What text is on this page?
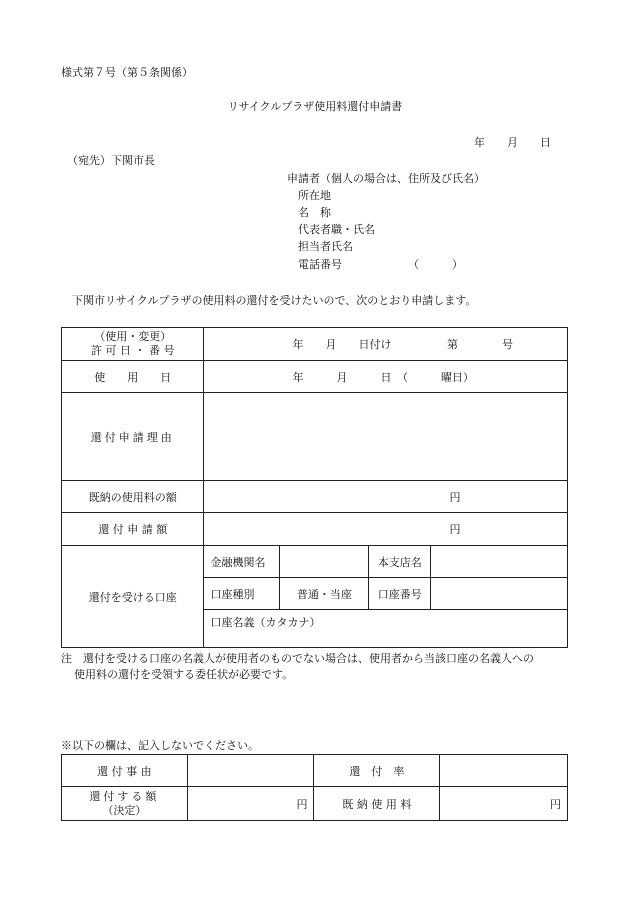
様式第７号（第５条関係）
リサイクルプラザ使用料還付申請書
年　　月　　日
（宛先）下関市長
申請者（個人の場合は、住所及び氏名）
所在地
名　称
代表者職・氏名
担当者氏名
電話番号	（　　　）
下関市リサイクルプラザの使用料の還付を受けたいので、次のとおり申請します。
（使用・変更）
許 可 日 ・ 番 号	年　　月　　日付け 第　　　　号			
使　　用　　日	年　　　月　　　日　（　　　曜日）			
還付申請理由				
既納の使用料の額	円			
還 付 申 請 額	円			
還付を受ける口座	金融機関名		本支店名	
	口座種別	普通・当座	口座番号	
	口座名義（カタカナ）			
注　還付を受ける口座の名義人が使用者のものでない場合は、使用者から当該口座の名義人への
使用料の還付を受領する委任状が必要です。
※以下の欄は、記入しないでください。
還 付 事 由		還　付　率	

還付する額
（決定）	円	既 納 使 用 料	円
